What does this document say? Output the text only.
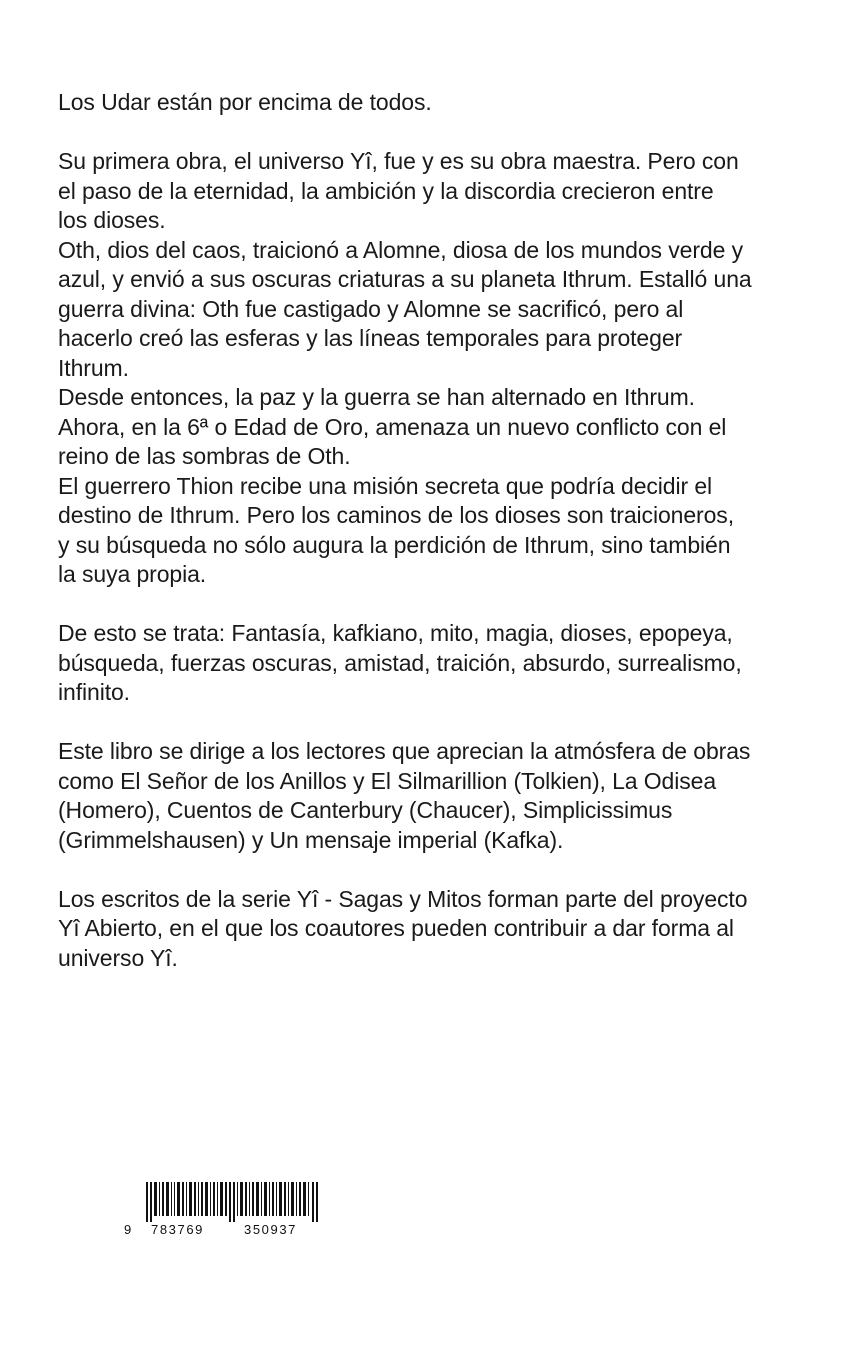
Los Udar están por encima de todos.
Su primera obra, el universo Yî, fue y es su obra maestra. Pero con
el paso de la eternidad, la ambición y la discordia crecieron entre
los dioses.
Oth, dios del caos, traicionó a Alomne, diosa de los mundos verde y
azul, y envió a sus oscuras criaturas a su planeta Ithrum. Estalló una
guerra divina: Oth fue castigado y Alomne se sacrificó, pero al
hacerlo creó las esferas y las líneas temporales para proteger
Ithrum.
Desde entonces, la paz y la guerra se han alternado en Ithrum.
Ahora, en la 6ª o Edad de Oro, amenaza un nuevo conflicto con el
reino de las sombras de Oth.
El guerrero Thion recibe una misión secreta que podría decidir el
destino de Ithrum. Pero los caminos de los dioses son traicioneros,
y su búsqueda no sólo augura la perdición de Ithrum, sino también
la suya propia.
De esto se trata: Fantasía, kafkiano, mito, magia, dioses, epopeya,
búsqueda, fuerzas oscuras, amistad, traición, absurdo, surrealismo,
infinito.
Este libro se dirige a los lectores que aprecian la atmósfera de obras
como El Señor de los Anillos y El Silmarillion (Tolkien), La Odisea
(Homero), Cuentos de Canterbury (Chaucer), Simplicissimus
(Grimmelshausen) y Un mensaje imperial (Kafka).
Los escritos de la serie Yî - Sagas y Mitos forman parte del proyecto
Yî Abierto, en el que los coautores pueden contribuir a dar forma al
universo Yî.
9 783769	350937
